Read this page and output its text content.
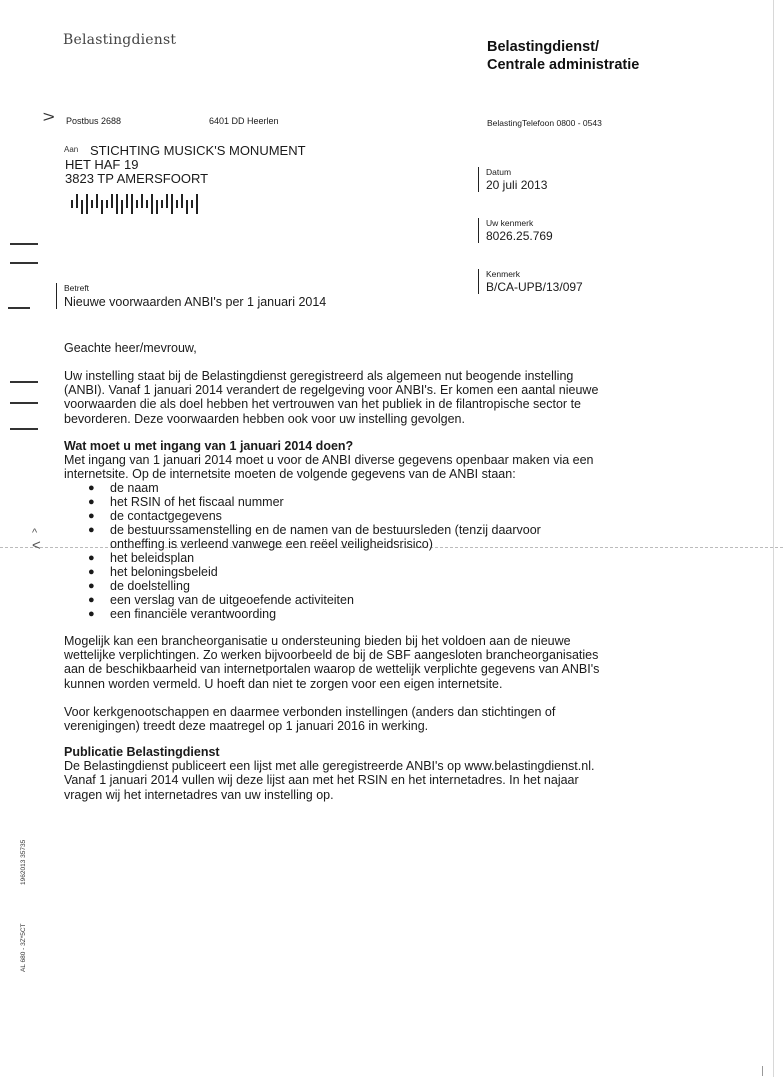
Belastingdienst	Belastingdienst/
Centrale administratie
> Postbus 2688	6401 DD Heerlen	BelastingTelefoon 0800 - 0543
Aan STICHTING MUSICK'S MONUMENT
HET HAF 19
3823 TP AMERSFOORT	Datum
20 juli 2013
Uw kenmerk
8026.25.769
Kenmerk
B/CA-UPB/13/097
Betreft
Nieuwe voorwaarden ANBI's per 1 januari 2014
^
<

Geachte heer/mevrouw,

Uw instelling staat bij de Belastingdienst geregistreerd als algemeen nut beogende instelling

(ANBI). Vanaf 1 januari 2014 verandert de regelgeving voor ANBI's. Er komen een aantal nieuwe

voorwaarden die als doel hebben het vertrouwen van het publiek in de filantropische sector te

bevorderen. Deze voorwaarden hebben ook voor uw instelling gevolgen.

Wat moet u met ingang van 1 januari 2014 doen?

Met ingang van 1 januari 2014 moet u voor de ANBI diverse gegevens openbaar maken via een

internetsite. Op de internetsite moeten de volgende gegevens van de ANBI staan:

●	de naam
●	het RSIN of het fiscaal nummer
●	de contactgegevens
●	de bestuurssamenstelling en de namen van de bestuursleden (tenzij daarvoor
ontheffing is verleend vanwege een reëel veiligheidsrisico)
●	het beleidsplan
●	het beloningsbeleid
●	de doelstelling
●	een verslag van de uitgeoefende activiteiten
●	een financiële verantwoording

Mogelijk kan een brancheorganisatie u ondersteuning bieden bij het voldoen aan de nieuwe

wettelijke verplichtingen. Zo werken bijvoorbeeld de bij de SBF aangesloten brancheorganisaties

aan de beschikbaarheid van internetportalen waarop de wettelijk verplichte gegevens van ANBI's

kunnen worden vermeld. U hoeft dan niet te zorgen voor een eigen internetsite.

Voor kerkgenootschappen en daarmee verbonden instellingen (anders dan stichtingen of

verenigingen) treedt deze maatregel op 1 januari 2016 in werking.

Publicatie Belastingdienst

De Belastingdienst publiceert een lijst met alle geregistreerde ANBI's op www.belastingdienst.nl.

Vanaf 1 januari 2014 vullen wij deze lijst aan met het RSIN en het internetadres. In het najaar

vragen wij het internetadres van uw instelling op.

1962013 35735
AL 680 - 3Z*5CT
